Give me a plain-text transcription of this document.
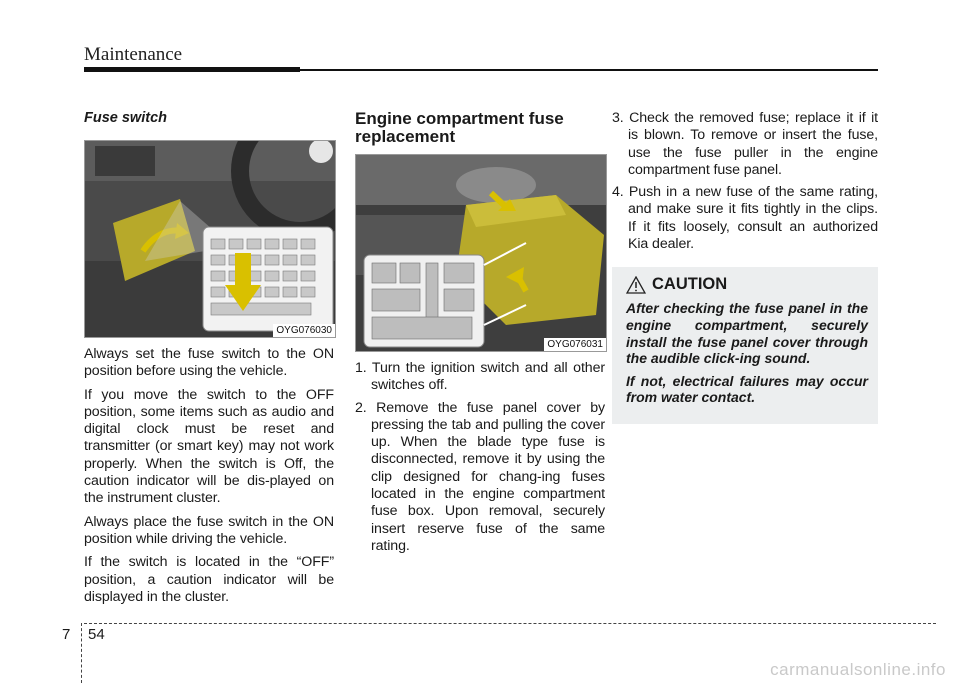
Maintenance
Fuse switch
OYG076030

Always set the fuse switch to the ON position before using the vehicle.

If you move the switch to the OFF position, some items such as audio and digital clock must be reset and transmitter (or smart key) may not work properly. When the switch is Off, the caution indicator will be dis-played on the instrument cluster.

Always place the fuse switch in the ON position while driving the vehicle.

If the switch is located in the “OFF” position, a caution indicator will be displayed in the cluster.

Engine compartment fuse replacement
OYG076031
1. Turn the ignition switch and all other switches off.
2. Remove the fuse panel cover by pressing the tab and pulling the cover up. When the blade type fuse is disconnected, remove it by using the clip designed for chang-ing fuses located in the engine compartment fuse box. Upon removal, securely insert reserve fuse of the same rating.
3. Check the removed fuse; replace it if it is blown. To remove or insert the fuse, use the fuse puller in the engine compartment fuse panel.
4. Push in a new fuse of the same rating, and make sure it fits tightly in the clips. If it fits loosely, consult an authorized Kia dealer.
CAUTION

After checking the fuse panel in the engine compartment, securely install the fuse panel cover through the audible click-ing sound.

If not, electrical failures may occur from water contact.

7 54
carmanualsonline.info
